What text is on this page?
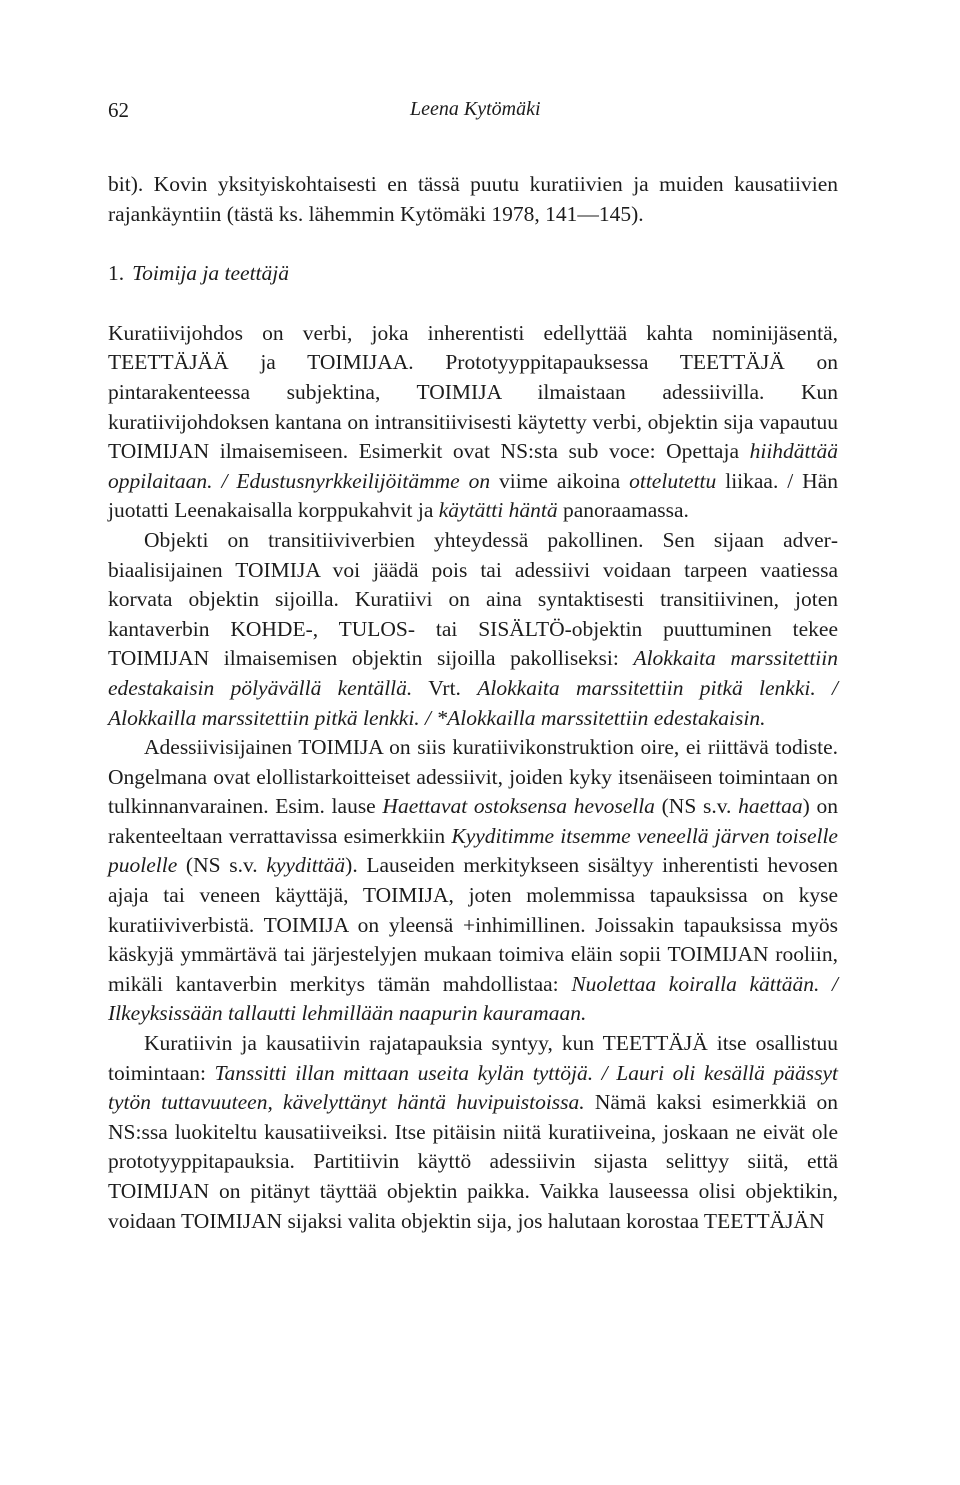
62	Leena Kytömäki

bit). Kovin yksityiskohtaisesti en tässä puutu kuratiivien ja muiden kausatiivien rajankäyntiin (tästä ks. lähemmin Kytömäki 1978, 141—145).

1. Toimija ja teettäjä

Kuratiivijohdos on verbi, joka inherentisti edellyttää kahta nominijäsentä, TEETTÄJÄÄ ja TOIMIJAA. Prototyyppitapauksessa TEETTÄJÄ on pintarakenteessa subjektina, TOIMIJA ilmaistaan adessiivilla. Kun kuratiivijohdoksen kantana on intransitiivisesti käytetty verbi, objektin sija vapautuu TOIMIJAN ilmaisemiseen. Esimerkit ovat NS:sta sub voce: Opettaja hiihdättää oppilaitaan. / Edustusnyrkkeilijöitämme on viime aikoina ottelutettu liikaa. / Hän juotatti Leenakaisalla korppukahvit ja käytätti häntä panoraamassa.

Objekti on transitiiviverbien yhteydessä pakollinen. Sen sijaan adverbiaalisijainen TOIMIJA voi jäädä pois tai adessiivi voidaan tarpeen vaatiessa korvata objektin sijoilla. Kuratiivi on aina syntaktisesti transitiivinen, joten kantaverbin KOHDE-, TULOS- tai SISÄLTÖ-objektin puuttuminen tekee TOIMIJAN ilmaisemisen objektin sijoilla pakolliseksi: Alokkaita marssitettiin edestakaisin pölyävällä kentällä. Vrt. Alokkaita marssitettiin pitkä lenkki. / Alokkailla marssitettiin pitkä lenkki. / *Alokkailla marssitettiin edestakaisin.

Adessiivisijainen TOIMIJA on siis kuratiivikonstruktion oire, ei riittävä todiste. Ongelmana ovat elollistarkoitteiset adessiivit, joiden kyky itsenäiseen toimintaan on tulkinnanvarainen. Esim. lause Haettavat ostoksensa hevosella (NS s.v. haettaa) on rakenteeltaan verrattavissa esimerkkiin Kyyditimme itsemme veneellä järven toiselle puolelle (NS s.v. kyydittää). Lauseiden merkitykseen sisältyy inherentisti hevosen ajaja tai veneen käyttäjä, TOIMIJA, joten molemmissa tapauksissa on kyse kuratiiviverbistä. TOIMIJA on yleensä +inhimillinen. Joissakin tapauksissa myös käskyjä ymmärtävä tai järjestelyjen mukaan toimiva eläin sopii TOIMIJAN rooliin, mikäli kantaverbin merkitys tämän mahdollistaa: Nuolettaa koiralla kättään. / Ilkeyksissään tallautti lehmillään naapurin kauramaan.

Kuratiivin ja kausatiivin rajatapauksia syntyy, kun TEETTÄJÄ itse osallistuu toimintaan: Tanssitti illan mittaan useita kylän tyttöjä. / Lauri oli kesällä päässyt tytön tuttavuuteen, kävelyttänyt häntä huvipuistoissa. Nämä kaksi esimerkkiä on NS:ssa luokiteltu kausatiiveiksi. Itse pitäisin niitä kuratiiveina, joskaan ne eivät ole prototyyppitapauksia. Partitiivin käyttö adessiivin sijasta selittyy siitä, että TOIMIJAN on pitänyt täyttää objektin paikka. Vaikka lauseessa olisi objektikin, voidaan TOIMIJAN sijaksi valita objektin sija, jos halutaan korostaa TEETTÄJÄN
